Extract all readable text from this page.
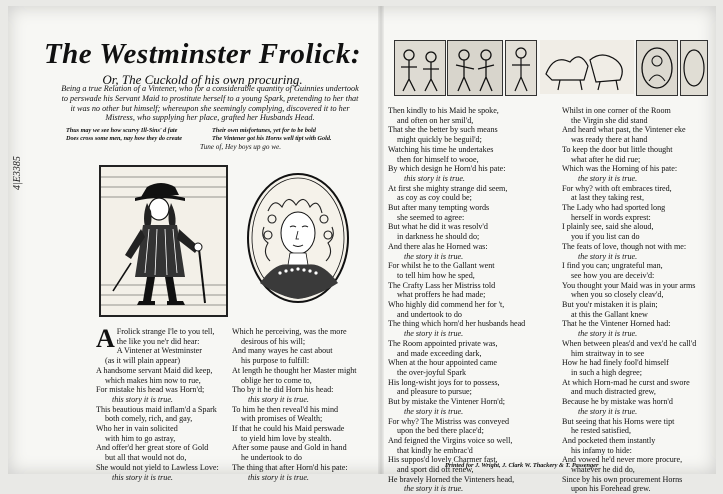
4|E3385
The Westminster Frolick:
Or, The Cuckold of his own procuring.
Being a true Relation of a Vintener, who for a considerable quantity of Guinnies undertook to perswade his Servant Maid to prostitute herself to a young Spark, pretending to her that it was no other but himself; whereupon she seemingly complying, discovered it to her Mistress, who supplying her place, grafted her Husbands Head.
Thus may we see how scurvy Ill-Sins' d fate
Does cross some men, nay how they do create
Their own misfortunes, yet for to be bold
The Vintener got his Horns well tipt with Gold.
Tune of, Hey boys up go we.
A Frolick strange I'le to you tell,
the like you ne'r did hear:
A Vintener at Westminster
(as it will plain appear)
A handsome servant Maid did keep,
which makes him now to rue,
For mistake his head was Horn'd;
this story it is true.
This beautious maid inflam'd a Spark
both comely, rich, and gay,
Who her in vain solicited
with him to go astray,
And offer'd her great store of Gold
but all that would not do,
She would not yield to Lawless Love:
this story it is true.
Which he perceiving, was the more
desirous of his will;
And many wayes he cast about
his purpose to fulfill:
At length he thought her Master might
oblige her to come to,
Tho by it he did Horn his head:
this story it is true.
To him he then reveal'd his mind
with promises of Wealth;
If that he could his Maid perswade
to yield him love by stealth.
After some pause and Gold in hand
he undertook to do
The thing that after Horn'd his pate:
this story it is true.
Then kindly to his Maid he spoke,
and often on her smil'd,
That she the better by such means
might quickly be beguil'd;
Watching his time he undertakes
then for himself to wooe,
By which design he Horn'd his pate:
this story it is true.
At first she mighty strange did seem,
as coy as coy could be;
But after many tempting words
she seemed to agree:
But what he did it was resolv'd
in darkness he should do;
And there alas he Horned was:
the story it is true.
For whilst he to the Gallant went
to tell him how he sped,
The Crafty Lass her Mistriss told
what proffers he had made;
Who highly did commend her for 't,
and undertook to do
The thing which horn'd her husbands head
the story it is true.
The Room appointed private was,
and made exceeding dark,
When at the hour appointed came
the over-joyful Spark
His long-wisht joys for to possess,
and pleasure to pursue;
But by mistake the Vintener Horn'd;
the story it is true.
For why? The Mistriss was conveyed
upon the bed there place'd;
And feigned the Virgins voice so well,
that kindly he embrac'd
His suppos'd lovely Charmer fast,
and sport did oft renew,
He bravely Horned the Vinteners head,
the story it is true.
Whilst in one corner of the Room
the Virgin she did stand
And heard what past, the Vintener eke
was ready there at hand
To keep the door but little thought
what after he did rue;
Which was the Horning of his pate:
the story it is true.
For why? with oft embraces tired,
at last they taking rest,
The Lady who had sported long
herself in words exprest:
I plainly see, said she aloud,
you if you list can do
The feats of love, though not with me:
the story it is true.
I find you can; ungrateful man,
see how you are deceiv'd:
You thought your Maid was in your arms
when you so closely cleav'd,
But you'r mistaken it is plain;
at this the Gallant knew
That he the Vintener Horned had:
the story it is true.
When between pleas'd and vex'd he call'd
him straitway in to see
How he had finely fool'd himself
in such a high degree;
At which Horn-mad he curst and swore
and much distracted grew,
Because he by mistake was horn'd
the story it is true.
But seeing that his Horns were tipt
he rested satisfied,
And pocketed them instantly
his infamy to hide:
And vowed he'd never more procure,
whatever he did do,
Since by his own procurement Horns
upon his Forehead grew.
Printed for J. Wright, J. Clark W. Thackery & T. Passenger
